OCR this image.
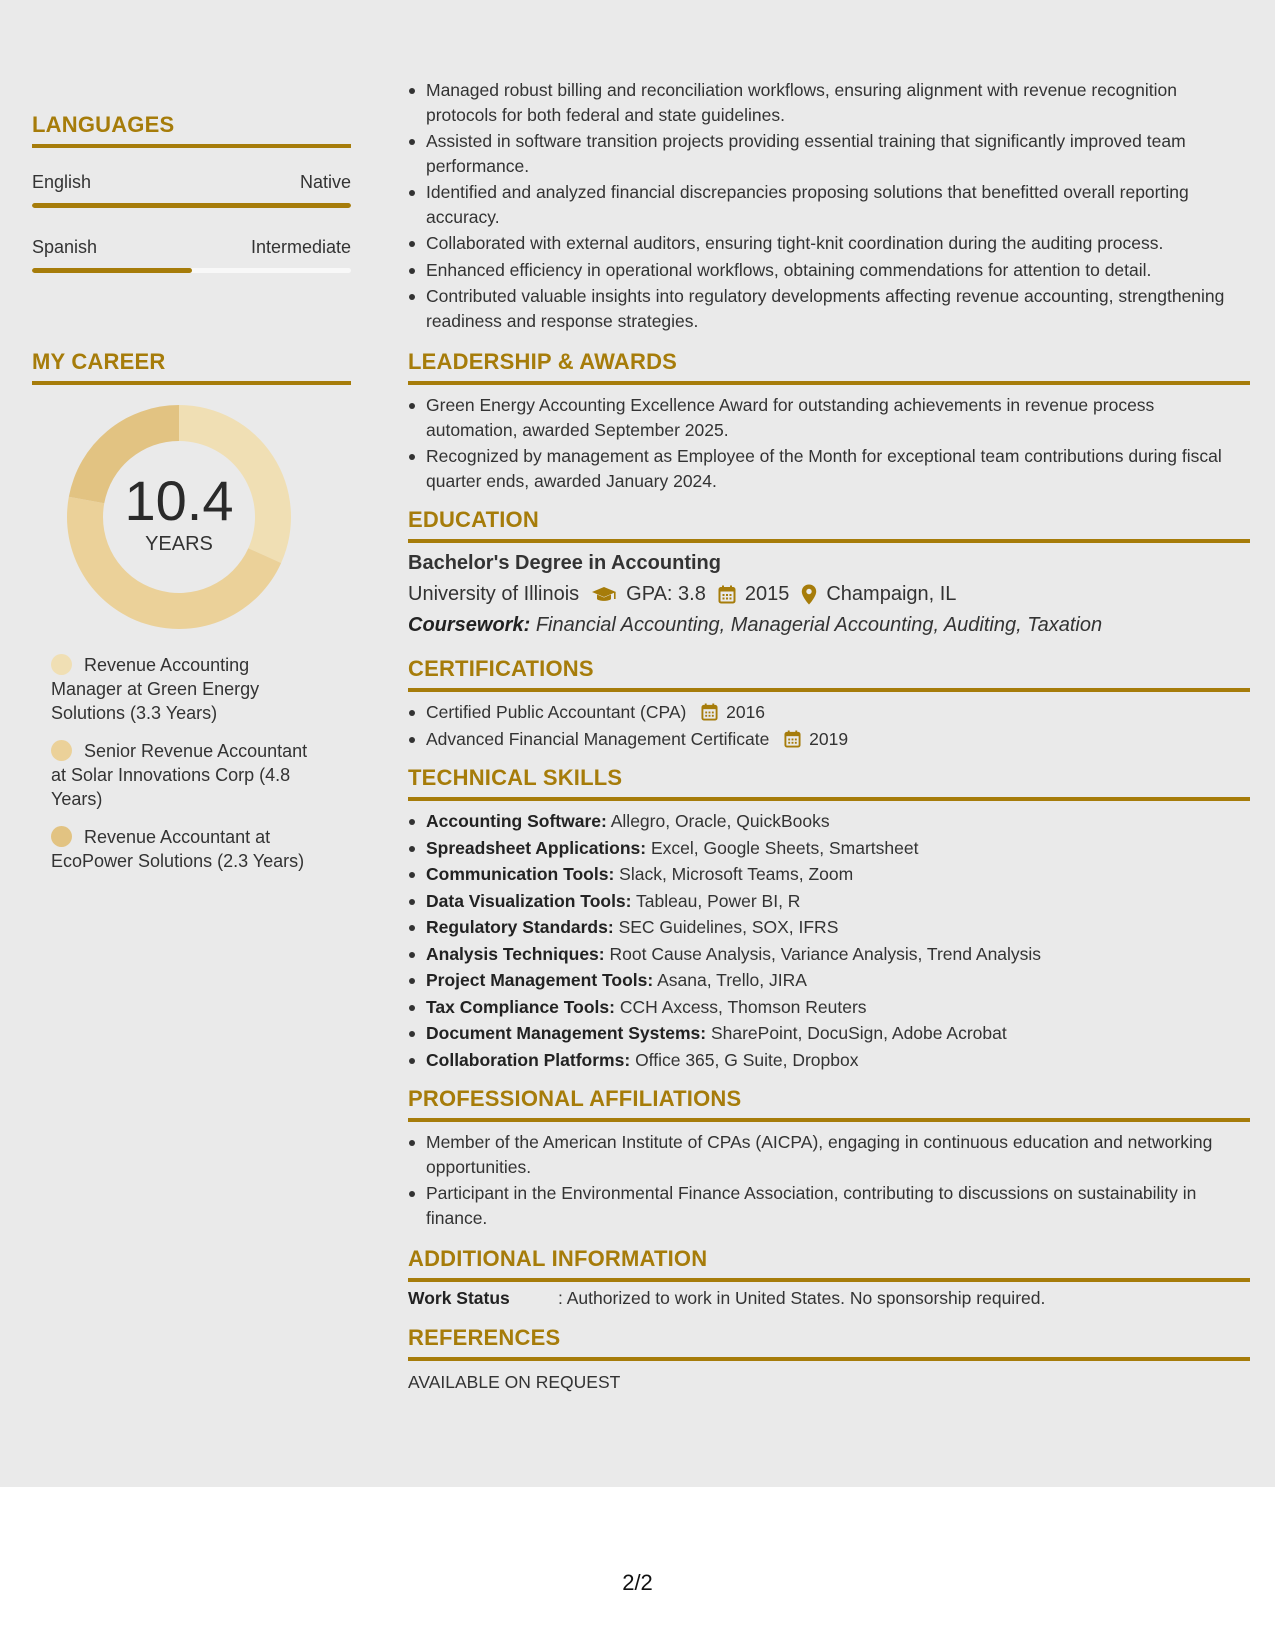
LANGUAGES
English	Native
Spanish	Intermediate
MY CAREER
10.4
YEARS
Revenue Accounting Manager at Green Energy Solutions (3.3 Years)
Senior Revenue Accountant at Solar Innovations Corp (4.8 Years)
Revenue Accountant at EcoPower Solutions (2.3 Years)
Managed robust billing and reconciliation workflows, ensuring alignment with revenue recognition protocols for both federal and state guidelines.
Assisted in software transition projects providing essential training that significantly improved team performance.
Identified and analyzed financial discrepancies proposing solutions that benefitted overall reporting accuracy.
Collaborated with external auditors, ensuring tight-knit coordination during the auditing process.
Enhanced efficiency in operational workflows, obtaining commendations for attention to detail.
Contributed valuable insights into regulatory developments affecting revenue accounting, strengthening readiness and response strategies.
LEADERSHIP & AWARDS
Green Energy Accounting Excellence Award for outstanding achievements in revenue process automation, awarded September 2025.
Recognized by management as Employee of the Month for exceptional team contributions during fiscal quarter ends, awarded January 2024.
EDUCATION
Bachelor's Degree in Accounting
University of Illinois GPA: 3.8 2015 Champaign, IL
Coursework: Financial Accounting, Managerial Accounting, Auditing, Taxation
CERTIFICATIONS
Certified Public Accountant (CPA) 2016
Advanced Financial Management Certificate 2019
TECHNICAL SKILLS
Accounting Software: Allegro, Oracle, QuickBooks
Spreadsheet Applications: Excel, Google Sheets, Smartsheet
Communication Tools: Slack, Microsoft Teams, Zoom
Data Visualization Tools: Tableau, Power BI, R
Regulatory Standards: SEC Guidelines, SOX, IFRS
Analysis Techniques: Root Cause Analysis, Variance Analysis, Trend Analysis
Project Management Tools: Asana, Trello, JIRA
Tax Compliance Tools: CCH Axcess, Thomson Reuters
Document Management Systems: SharePoint, DocuSign, Adobe Acrobat
Collaboration Platforms: Office 365, G Suite, Dropbox
PROFESSIONAL AFFILIATIONS
Member of the American Institute of CPAs (AICPA), engaging in continuous education and networking opportunities.
Participant in the Environmental Finance Association, contributing to discussions on sustainability in finance.
ADDITIONAL INFORMATION
Work Status	: Authorized to work in United States. No sponsorship required.
REFERENCES
AVAILABLE ON REQUEST
2/2
